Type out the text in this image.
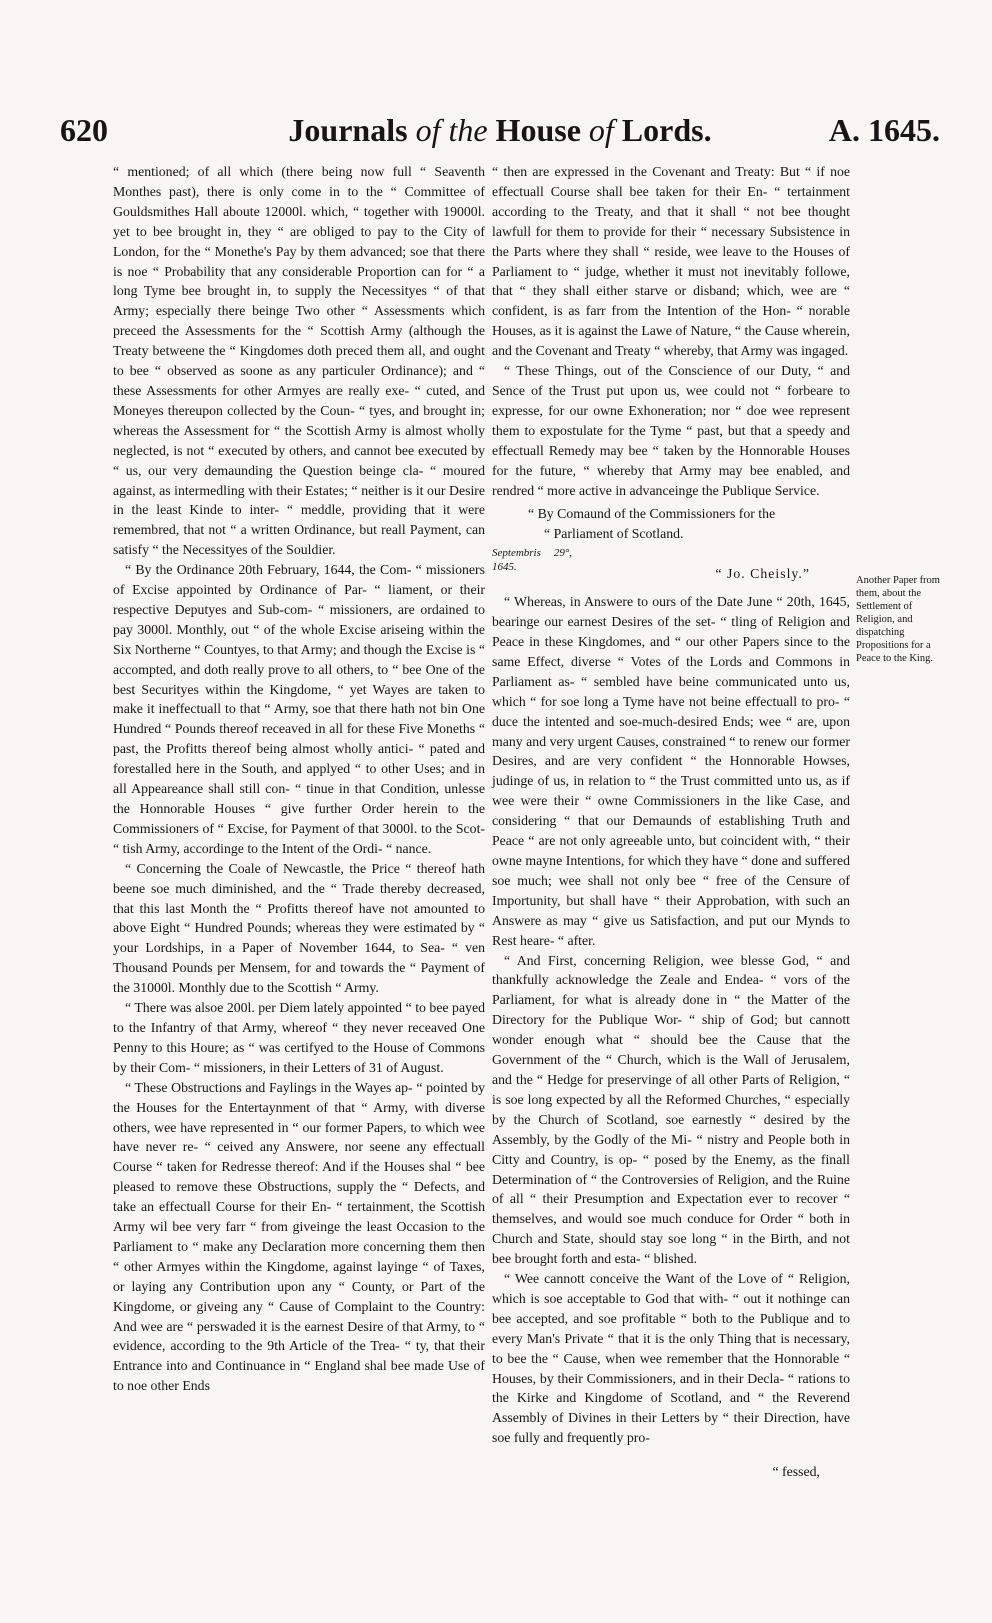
620	Journals of the House of Lords.	A. 1645.

“ mentioned; of all which (there being now full “ Seaventh Monthes past), there is only come in to the “ Committee of Gouldsmithes Hall aboute 12000l. which, “ together with 19000l. yet to bee brought in, they “ are obliged to pay to the City of London, for the “ Monethe's Pay by them advanced; soe that there is noe “ Probability that any considerable Proportion can for “ a long Tyme bee brought in, to supply the Necessityes “ of that Army; especially there beinge Two other “ Assessments which preceed the Assessments for the “ Scottish Army (although the Treaty betweene the “ Kingdomes doth preced them all, and ought to bee “ observed as soone as any particuler Ordinance); and “ these Assessments for other Armyes are really exe- “ cuted, and Moneyes thereupon collected by the Coun- “ tyes, and brought in; whereas the Assessment for “ the Scottish Army is almost wholly neglected, is not “ executed by others, and cannot bee executed by “ us, our very demaunding the Question beinge cla- “ moured against, as intermedling with their Estates; “ neither is it our Desire in the least Kinde to inter- “ meddle, providing that it were remembred, that not “ a written Ordinance, but reall Payment, can satisfy “ the Necessityes of the Souldier.

“ By the Ordinance 20th February, 1644, the Com- “ missioners of Excise appointed by Ordinance of Par- “ liament, or their respective Deputyes and Sub-com- “ missioners, are ordained to pay 3000l. Monthly, out “ of the whole Excise ariseing within the Six Northerne “ Countyes, to that Army; and though the Excise is “ accompted, and doth really prove to all others, to “ bee One of the best Securityes within the Kingdome, “ yet Wayes are taken to make it ineffectuall to that “ Army, soe that there hath not bin One Hundred “ Pounds thereof receaved in all for these Five Moneths “ past, the Profitts thereof being almost wholly antici- “ pated and forestalled here in the South, and applyed “ to other Uses; and in all Appeareance shall still con- “ tinue in that Condition, unlesse the Honnorable Houses “ give further Order herein to the Commissioners of “ Excise, for Payment of that 3000l. to the Scot- “ tish Army, accordinge to the Intent of the Ordi- “ nance.

“ Concerning the Coale of Newcastle, the Price “ thereof hath beene soe much diminished, and the “ Trade thereby decreased, that this last Month the “ Profitts thereof have not amounted to above Eight “ Hundred Pounds; whereas they were estimated by “ your Lordships, in a Paper of November 1644, to Sea- “ ven Thousand Pounds per Mensem, for and towards the “ Payment of the 31000l. Monthly due to the Scottish “ Army.

“ There was alsoe 200l. per Diem lately appointed “ to bee payed to the Infantry of that Army, whereof “ they never receaved One Penny to this Houre; as “ was certifyed to the House of Commons by their Com- “ missioners, in their Letters of 31 of August.

“ These Obstructions and Faylings in the Wayes ap- “ pointed by the Houses for the Entertaynment of that “ Army, with diverse others, wee have represented in “ our former Papers, to which wee have never re- “ ceived any Answere, nor seene any effectuall Course “ taken for Redresse thereof: And if the Houses shal “ bee pleased to remove these Obstructions, supply the “ Defects, and take an effectuall Course for their En- “ tertainment, the Scottish Army wil bee very farr “ from giveinge the least Occasion to the Parliament to “ make any Declaration more concerning them then “ other Armyes within the Kingdome, against layinge “ of Taxes, or laying any Contribution upon any “ County, or Part of the Kingdome, or giveing any “ Cause of Complaint to the Country: And wee are “ perswaded it is the earnest Desire of that Army, to “ evidence, according to the 9th Article of the Trea- “ ty, that their Entrance into and Continuance in “ England shal bee made Use of to noe other Ends

“ then are expressed in the Covenant and Treaty: But “ if noe effectuall Course shall bee taken for their En- “ tertainment according to the Treaty, and that it shall “ not bee thought lawfull for them to provide for their “ necessary Subsistence in the Parts where they shall “ reside, wee leave to the Houses of Parliament to “ judge, whether it must not inevitably followe, that “ they shall either starve or disband; which, wee are “ confident, is as farr from the Intention of the Hon- “ norable Houses, as it is against the Lawe of Nature, “ the Cause wherein, and the Covenant and Treaty “ whereby, that Army was ingaged.

“ These Things, out of the Conscience of our Duty, “ and Sence of the Trust put upon us, wee could not “ forbeare to expresse, for our owne Exhoneration; nor “ doe wee represent them to expostulate for the Tyme “ past, but that a speedy and effectuall Remedy may bee “ taken by the Honnorable Houses for the future, “ whereby that Army may bee enabled, and rendred “ more active in advanceinge the Publique Service.

“ By Comaund of the Commissioners for the

“ Parliament of Scotland.

Septembris 29°, 1645.	“ Jo. Cheisly.”

“ Whereas, in Answere to ours of the Date June “ 20th, 1645, bearinge our earnest Desires of the set- “ tling of Religion and Peace in these Kingdomes, and “ our other Papers since to the same Effect, diverse “ Votes of the Lords and Commons in Parliament as- “ sembled have beine communicated unto us, which “ for soe long a Tyme have not beine effectuall to pro- “ duce the intented and soe-much-desired Ends; wee “ are, upon many and very urgent Causes, constrained “ to renew our former Desires, and are very confident “ the Honnorable Howses, judinge of us, in relation to “ the Trust committed unto us, as if wee were their “ owne Commissioners in the like Case, and considering “ that our Demaunds of establishing Truth and Peace “ are not only agreeable unto, but coincident with, “ their owne mayne Intentions, for which they have “ done and suffered soe much; wee shall not only bee “ free of the Censure of Importunity, but shall have “ their Approbation, with such an Answere as may “ give us Satisfaction, and put our Mynds to Rest heare- “ after.

“ And First, concerning Religion, wee blesse God, “ and thankfully acknowledge the Zeale and Endea- “ vors of the Parliament, for what is already done in “ the Matter of the Directory for the Publique Wor- “ ship of God; but cannott wonder enough what “ should bee the Cause that the Government of the “ Church, which is the Wall of Jerusalem, and the “ Hedge for preservinge of all other Parts of Religion, “ is soe long expected by all the Reformed Churches, “ especially by the Church of Scotland, soe earnestly “ desired by the Assembly, by the Godly of the Mi- “ nistry and People both in Citty and Country, is op- “ posed by the Enemy, as the finall Determination of “ the Controversies of Religion, and the Ruine of all “ their Presumption and Expectation ever to recover “ themselves, and would soe much conduce for Order “ both in Church and State, should stay soe long “ in the Birth, and not bee brought forth and esta- “ blished.

“ Wee cannott conceive the Want of the Love of “ Religion, which is soe acceptable to God that with- “ out it nothinge can bee accepted, and soe profitable “ both to the Publique and to every Man's Private “ that it is the only Thing that is necessary, to bee the “ Cause, when wee remember that the Honnorable “ Houses, by their Commissioners, and in their Decla- “ rations to the Kirke and Kingdome of Scotland, and “ the Reverend Assembly of Divines in their Letters by “ their Direction, have soe fully and frequently pro-

“ fessed,

Another Paper from them, about the Settlement of Religion, and dispatching Propositions for a Peace to the King.
